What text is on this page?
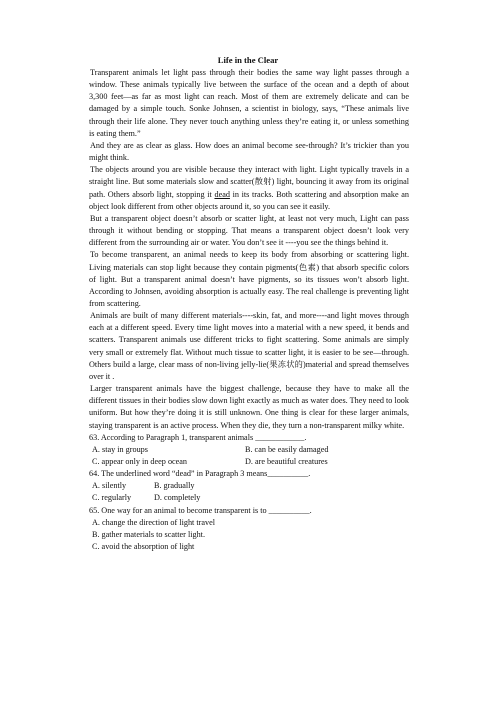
Life in the Clear

Transparent animals let light pass through their bodies the same way light passes through a window. These animals typically live between the surface of the ocean and a depth of about 3,300 feet—as far as most light can reach. Most of them are extremely delicate and can be damaged by a simple touch. Sonke Johnsen, a scientist in biology, says, “These animals live through their life alone. They never touch anything unless they’re eating it, or unless something is eating them.”

And they are as clear as glass. How does an animal become see-through? It’s trickier than you might think.

The objects around you are visible because they interact with light. Light typically travels in a straight line. But some materials slow and scatter(散射) light, bouncing it away from its original path. Others absorb light, stopping it dead in its tracks. Both scattering and absorption make an object look different from other objects around it, so you can see it easily.

But a transparent object doesn’t absorb or scatter light, at least not very much, Light can pass through it without bending or stopping. That means a transparent object doesn’t look very different from the surrounding air or water. You don’t see it ----you see the things behind it.

To become transparent, an animal needs to keep its body from absorbing or scattering light. Living materials can stop light because they contain pigments(色素) that absorb specific colors of light. But a transparent animal doesn’t have pigments, so its tissues won’t absorb light. According to Johnsen, avoiding absorption is actually easy. The real challenge is preventing light from scattering.

Animals are built of many different materials----skin, fat, and more----and light moves through each at a different speed. Every time light moves into a material with a new speed, it bends and scatters. Transparent animals use different tricks to fight scattering. Some animals are simply very small or extremely flat. Without much tissue to scatter light, it is easier to be see—through. Others build a large, clear mass of non-living jelly-lie(果冻状的)material and spread themselves over it .

Larger transparent animals have the biggest challenge, because they have to make all the different tissues in their bodies slow down light exactly as much as water does. They need to look uniform. But how they’re doing it is still unknown. One thing is clear for these larger animals, staying transparent is an active process. When they die, they turn a non-transparent milky white.

63. According to Paragraph 1, transparent animals ____________.

A. stay in groups	B. can be easily damaged
C. appear only in deep ocean	D. are beautiful creatures

64. The underlined word “dead” in Paragraph 3 means__________.

A. silently	B. gradually
C. regularly	D. completely

65. One way for an animal to become transparent is to __________.

A. change the direction of light travel

B. gather materials to scatter light.

C. avoid the absorption of light
